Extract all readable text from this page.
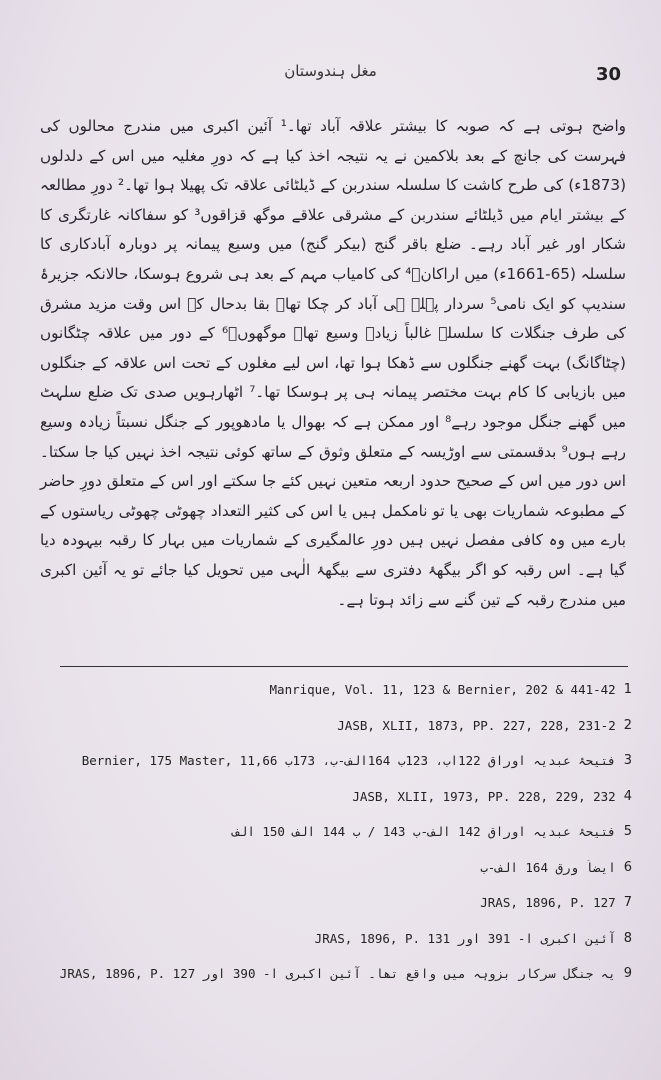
30
مغل ہندوستان

واضح ہوتی ہے کہ صوبہ کا بیشتر علاقہ آباد تھا۔¹ آئین اکبری میں مندرج محالوں کی فہرست کی جانچ کے بعد بلاکمین نے یہ نتیجہ اخذ کیا ہے کہ دورِ مغلیہ میں اس کے دلدلوں (1873ء) کی طرح کاشت کا سلسلہ سندربن کے ڈیلٹائی علاقہ تک پھیلا ہوا تھا۔² دورِ مطالعہ کے بیشتر ایام میں ڈیلٹائے سندربن کے مشرقی علاقے موگھ قزاقوں³ کو سفاکانہ غارتگری کا شکار اور غیر آباد رہے۔ ضلع باقر گنج (بیکر گنج) میں وسیع پیمانہ پر دوبارہ آبادکاری کا سلسلہ (65-1661ء) میں اراکانؔ⁴ کی کامیاب مہم کے بعد ہی شروع ہوسکا، حالانکہ جزیرۂ سندیپ کو ایک نامی⁵ سردار پہلے ہی آباد کر چکا تھا۔ بقا بدحال کے اس وقت مزید مشرق کی طرف جنگلات کا سلسلہ غالباً زیادہ وسیع تھا۔ موگھوںؔ⁶ کے دور میں علاقہ چٹگانوں (چٹاگانگ) بہت گھنے جنگلوں سے ڈھکا ہوا تھا، اس لیے مغلوں کے تحت اس علاقہ کے جنگلوں میں بازیابی کا کام بہت مختصر پیمانہ ہی پر ہوسکا تھا۔⁷ اٹھارہویں صدی تک ضلع سلہٹ میں گھنے جنگل موجود رہے⁸ اور ممکن ہے کہ بھوال یا مادھوپور کے جنگل نسبتاً زیادہ وسیع رہے ہوں⁹ بدقسمتی سے اوڑیسہ کے متعلق وثوق کے ساتھ کوئی نتیجہ اخذ نہیں کیا جا سکتا۔ اس دور میں اس کے صحیح حدود اربعہ متعین نہیں کئے جا سکتے اور اس کے متعلق دورِ حاضر کے مطبوعہ شماریات بھی یا تو نامکمل ہیں یا اس کی کثیر التعداد چھوٹی چھوٹی ریاستوں کے بارے میں وہ کافی مفصل نہیں ہیں دورِ عالمگیری کے شماریات میں بہار کا رقبہ بیہودہ دیا گیا ہے۔ اس رقبہ کو اگر بیگھۂ دفتری سے بیگھۂ الٰہی میں تحویل کیا جائے تو یہ آئین اکبری میں مندرج رقبہ کے تین گنے سے زائد ہوتا ہے۔

1Manrique, Vol. 11, 123 & Bernier, 202 & 441-42
2JASB, XLII, 1873, PP. 227, 228, 231-2
3فتیحۂ عبدیہ اوراق 122اب، 123ب 164الف-ب، 173ب Bernier, 175 Master, 11,66
4JASB, XLII, 1973, PP. 228, 229, 232
5فتیحۂ عبدیہ اوراق 142 الف-ب 143 / ب 144 الف 150 الف
6ایضاً ورق 164 الف-ب
7JRAS, 1896, P. 127
8آئین اکبری ا- 391 اور JRAS, 1896, P. 131
9یہ جنگل سرکار بزوہہ میں واقع تھا۔ آئین اکبری ا- 390 اور JRAS, 1896, P. 127
